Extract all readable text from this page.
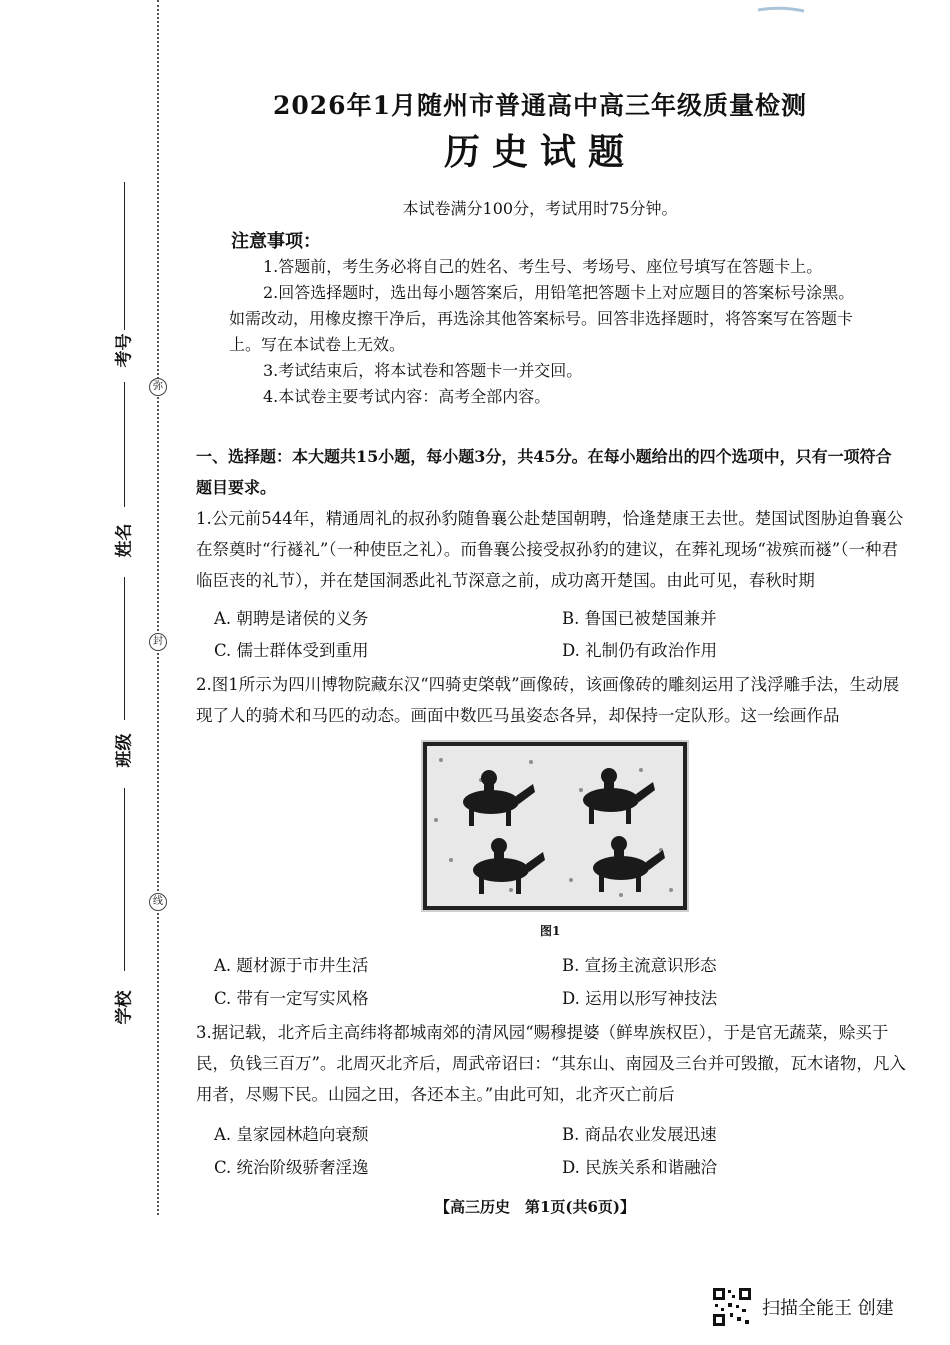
弥
封
线
考号
姓名
班级
学校
2026年1月随州市普通高中高三年级质量检测
历史试题
本试卷满分100分，考试用时75分钟。
注意事项：
1.答题前，考生务必将自己的姓名、考生号、考场号、座位号填写在答题卡上。
2.回答选择题时，选出每小题答案后，用铅笔把答题卡上对应题目的答案标号涂黑。如需改动，用橡皮擦干净后，再选涂其他答案标号。回答非选择题时，将答案写在答题卡上。写在本试卷上无效。
3.考试结束后，将本试卷和答题卡一并交回。
4.本试卷主要考试内容：高考全部内容。
一、选择题：本大题共15小题，每小题3分，共45分。在每小题给出的四个选项中，只有一项符合题目要求。
1.公元前544年，精通周礼的叔孙豹随鲁襄公赴楚国朝聘，恰逢楚康王去世。楚国试图胁迫鲁襄公在祭奠时“行襚礼”（一种使臣之礼）。而鲁襄公接受叔孙豹的建议，在葬礼现场“祓殡而襚”（一种君临臣丧的礼节），并在楚国洞悉此礼节深意之前，成功离开楚国。由此可见，春秋时期
A. 朝聘是诸侯的义务	B. 鲁国已被楚国兼并
C. 儒士群体受到重用	D. 礼制仍有政治作用
2.图1所示为四川博物院藏东汉“四骑吏棨戟”画像砖，该画像砖的雕刻运用了浅浮雕手法，生动展现了人的骑术和马匹的动态。画面中数匹马虽姿态各异，却保持一定队形。这一绘画作品
图1
A. 题材源于市井生活	B. 宣扬主流意识形态
C. 带有一定写实风格	D. 运用以形写神技法
3.据记载，北齐后主高纬将都城南郊的清风园“赐穆提婆（鲜卑族权臣），于是官无蔬菜，赊买于民，负钱三百万”。北周灭北齐后，周武帝诏曰：“其东山、南园及三台并可毁撤，瓦木诸物，凡入用者，尽赐下民。山园之田，各还本主。”由此可知，北齐灭亡前后
A. 皇家园林趋向衰颓	B. 商品农业发展迅速
C. 统治阶级骄奢淫逸	D. 民族关系和谐融洽
【高三历史　第1页(共6页)】
扫描全能王 创建
